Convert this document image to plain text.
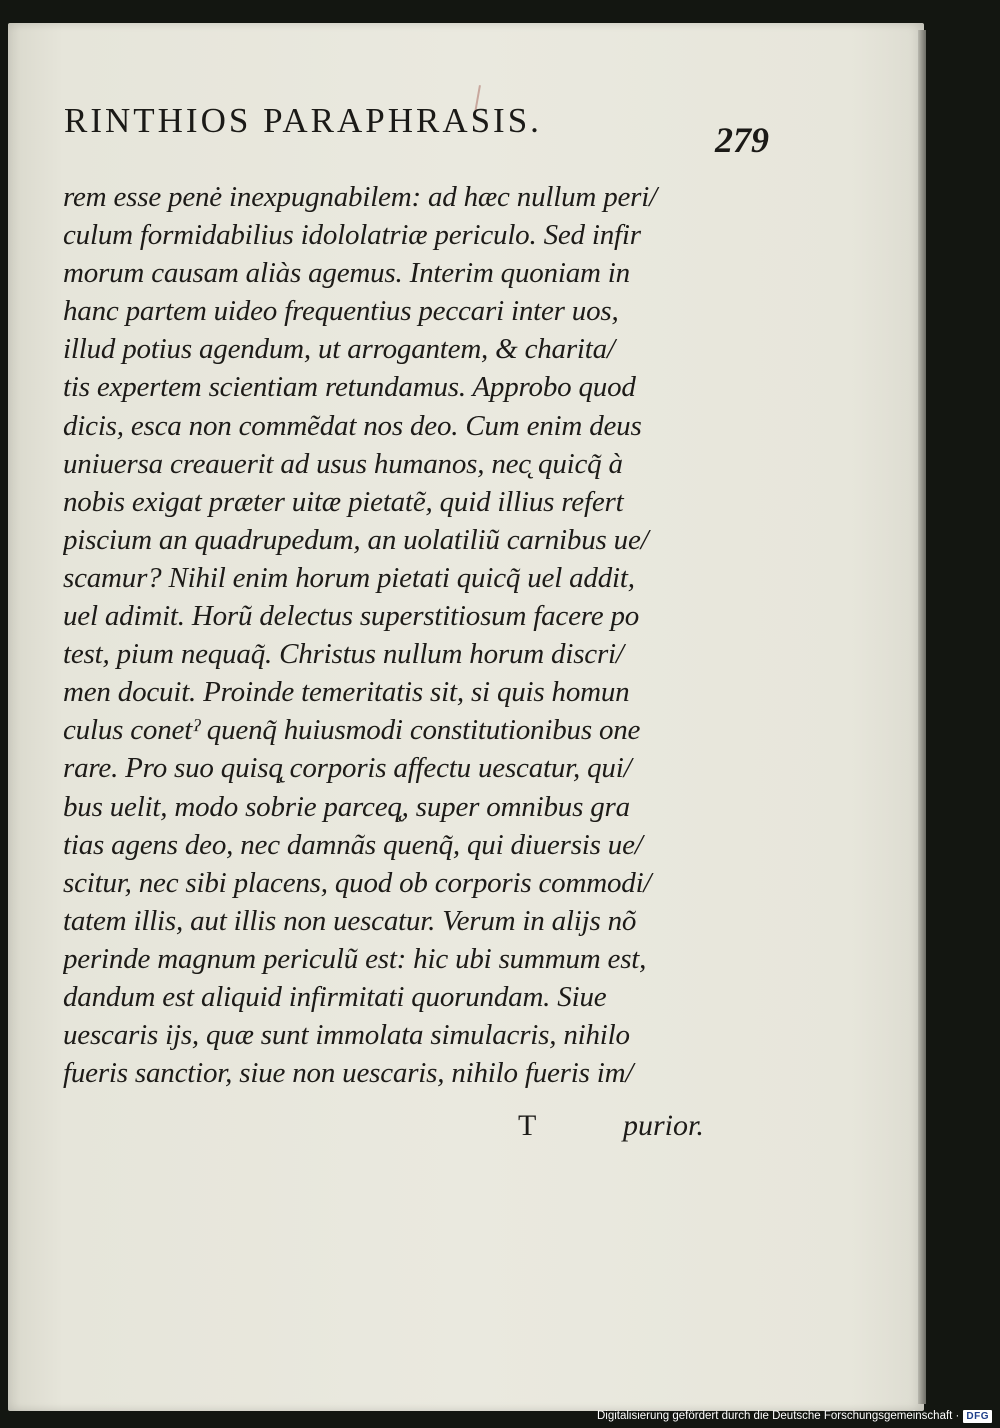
RINTHIOS PARAPHRASIS.	279
rem esse penė inexpugnabilem: ad hæc nullum peri/
culum formidabilius idololatriæ periculo. Sed infir
morum causam aliàs agemus. Interim quoniam in
hanc partem uideo frequentius peccari inter uos,
illud potius agendum, ut arrogantem, & charita/
tis expertem scientiam retundamus. Approbo quod
dicis, esca non commẽdat nos deo. Cum enim deus
uniuersa creauerit ad usus humanos, nec̨ quicq̃ à
nobis exigat præter uitæ pietatẽ, quid illius refert
piscium an quadrupedum, an uolatiliũ carnibus ue/
scamur? Nihil enim horum pietati quicq̃ uel addit,
uel adimit. Horũ delectus superstitiosum facere po
test, pium nequaq̃. Christus nullum horum discri/
men docuit. Proinde temeritatis sit, si quis homun
culus conetˀ quenq̃ huiusmodi constitutionibus one
rare. Pro suo quisq̨ corporis affectu uescatur, qui/
bus uelit, modo sobrie parceq̨, super omnibus gra
tias agens deo, nec damnãs quenq̃, qui diuersis ue/
scitur, nec sibi placens, quod ob corporis commodi/
tatem illis, aut illis non uescatur. Verum in alijs nõ
perinde magnum periculũ est: hic ubi summum est,
dandum est aliquid infirmitati quorundam. Siue
uescaris ijs, quæ sunt immolata simulacris, nihilo
fueris sanctior, siue non uescaris, nihilo fueris im/
T	purior.
Digitalisierung gefördert durch die Deutsche Forschungsgemeinschaft · DFG
